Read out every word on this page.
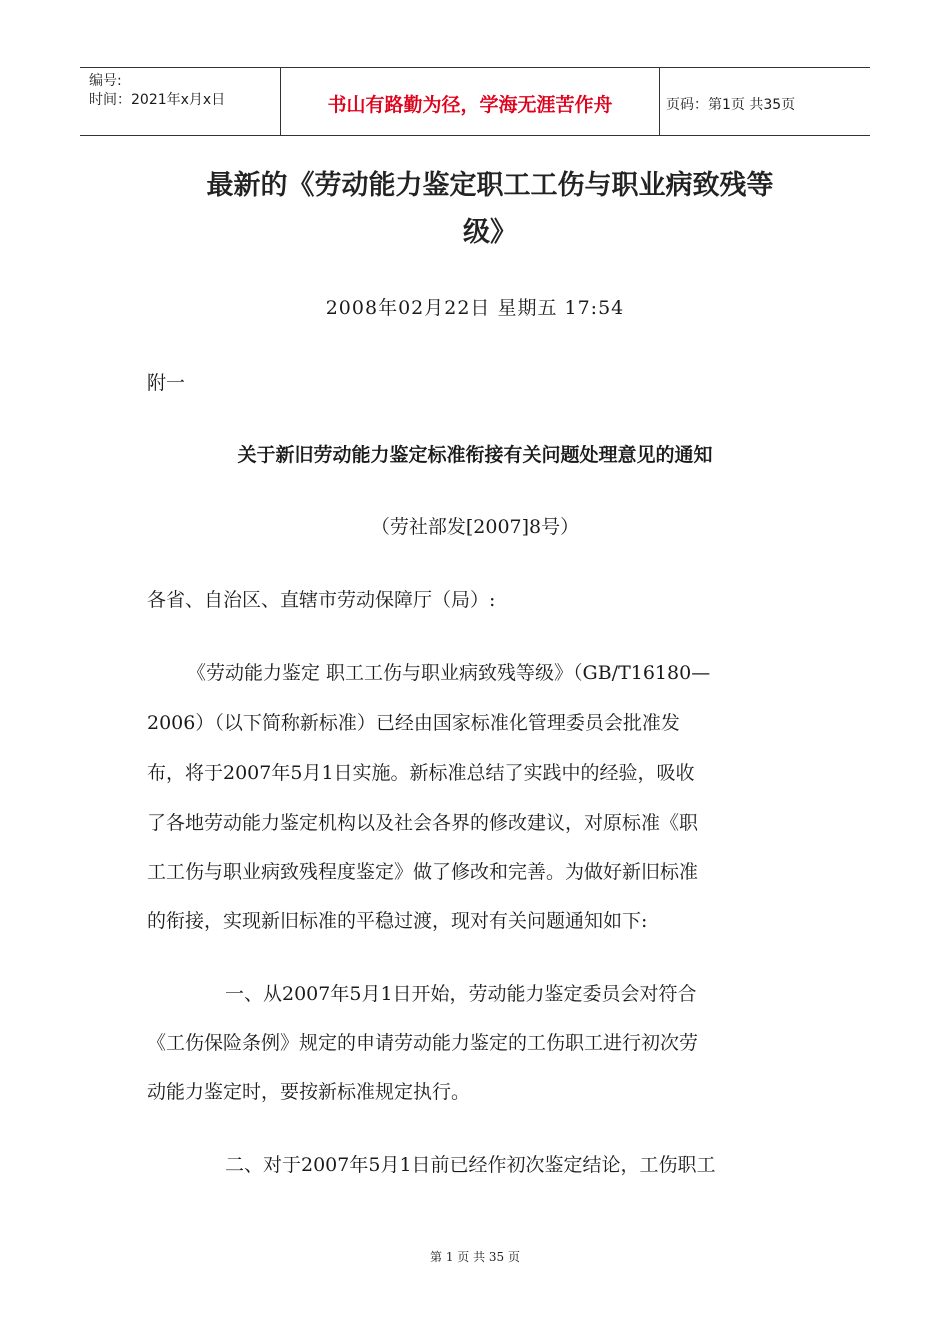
编号:
时间：2021年x月x日	书山有路勤为径，学海无涯苦作舟	页码：第1页 共35页
最新的《劳动能力鉴定职工工伤与职业病致残等
级》
2008年02月22日 星期五 17:54
附一
关于新旧劳动能力鉴定标准衔接有关问题处理意见的通知
（劳社部发[2007]8号）
各省、自治区、直辖市劳动保障厅（局）:
《劳动能力鉴定 职工工伤与职业病致残等级》（GB/T16180—
2006）（以下简称新标准）已经由国家标准化管理委员会批准发
布，将于2007年5月1日实施。新标准总结了实践中的经验，吸收
了各地劳动能力鉴定机构以及社会各界的修改建议，对原标准《职
工工伤与职业病致残程度鉴定》做了修改和完善。为做好新旧标准
的衔接，实现新旧标准的平稳过渡，现对有关问题通知如下:
一、从2007年5月1日开始，劳动能力鉴定委员会对符合
《工伤保险条例》规定的申请劳动能力鉴定的工伤职工进行初次劳
动能力鉴定时，要按新标准规定执行。
二、对于2007年5月1日前已经作初次鉴定结论，工伤职工
第 1 页 共 35 页
